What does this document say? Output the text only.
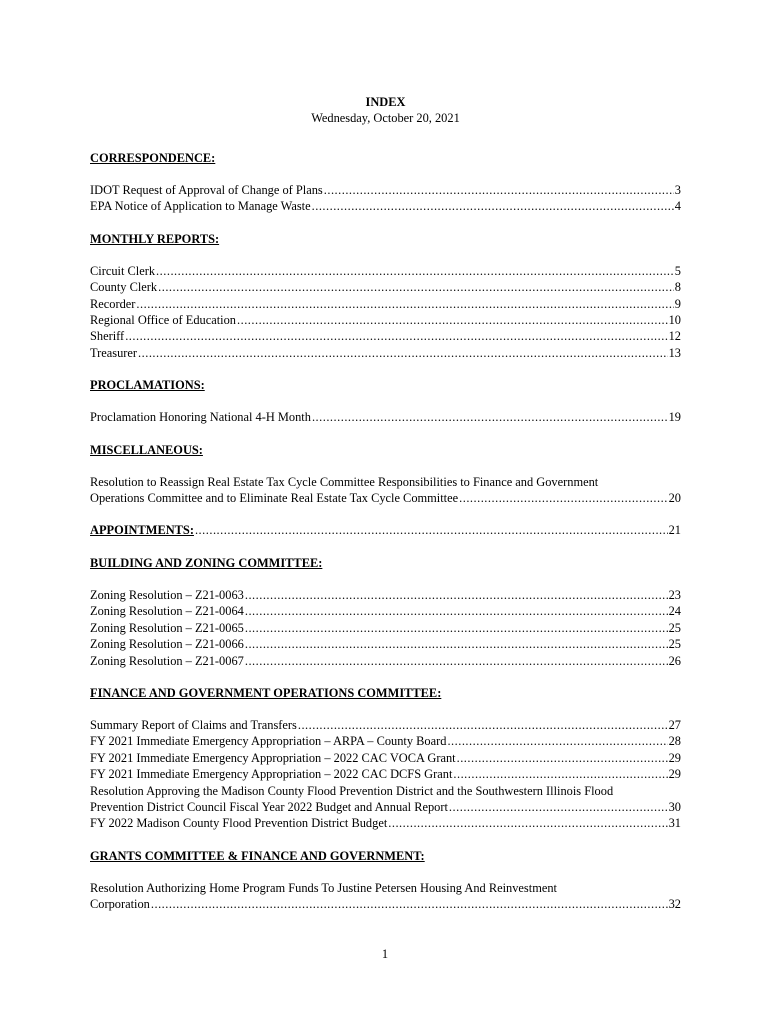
INDEX
Wednesday, October 20, 2021
CORRESPONDENCE:
IDOT Request of Approval of Change of Plans .....	3
EPA Notice of Application to Manage Waste .....	4
MONTHLY REPORTS:
Circuit Clerk .....	5
County Clerk .....	8
Recorder .....	9
Regional Office of Education .....	10
Sheriff .....	12
Treasurer .....	13
PROCLAMATIONS:
Proclamation Honoring National 4-H Month .....	19
MISCELLANEOUS:
Resolution to Reassign Real Estate Tax Cycle Committee Responsibilities to Finance and Government
Operations Committee and to Eliminate Real Estate Tax Cycle Committee .....	20
APPOINTMENTS: .....	21
BUILDING AND ZONING COMMITTEE:
Zoning Resolution – Z21-0063 .....	23
Zoning Resolution – Z21-0064 .....	24
Zoning Resolution – Z21-0065 .....	25
Zoning Resolution – Z21-0066 .....	25
Zoning Resolution – Z21-0067 .....	26
FINANCE AND GOVERNMENT OPERATIONS COMMITTEE:
Summary Report of Claims and Transfers .....	27
FY 2021 Immediate Emergency Appropriation – ARPA – County Board .....	28
FY 2021 Immediate Emergency Appropriation – 2022 CAC VOCA Grant .....	29
FY 2021 Immediate Emergency Appropriation – 2022 CAC DCFS Grant .....	29
Resolution Approving the Madison County Flood Prevention District and the Southwestern Illinois Flood
Prevention District Council Fiscal Year 2022 Budget and Annual Report .....	30
FY 2022 Madison County Flood Prevention District Budget .....	31
GRANTS COMMITTEE & FINANCE AND GOVERNMENT:
Resolution Authorizing Home Program Funds To Justine Petersen Housing And Reinvestment
Corporation .....	32
1
